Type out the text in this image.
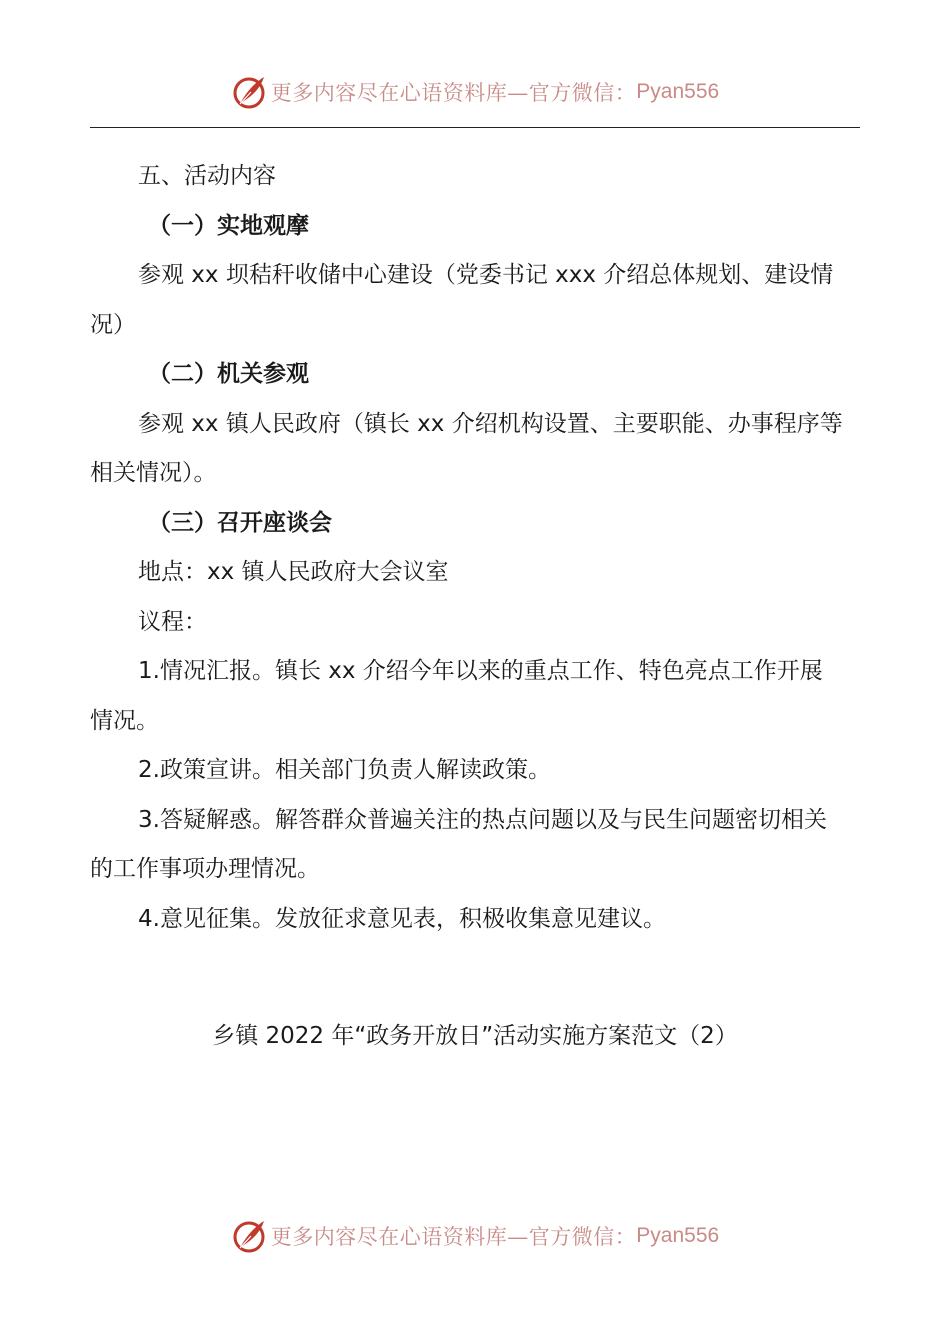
更多内容尽在心语资料库—官方微信： Pyan556
五、活动内容
（一）实地观摩
参观 xx 坝秸秆收储中心建设（党委书记 xxx 介绍总体规划、建设情
况）
（二）机关参观
参观 xx 镇人民政府（镇长 xx 介绍机构设置、主要职能、办事程序等
相关情况）。
（三）召开座谈会
地点：xx 镇人民政府大会议室
议程：
1.情况汇报。镇长 xx 介绍今年以来的重点工作、特色亮点工作开展
情况。
2.政策宣讲。相关部门负责人解读政策。
3.答疑解惑。解答群众普遍关注的热点问题以及与民生问题密切相关
的工作事项办理情况。
4.意见征集。发放征求意见表，积极收集意见建议。
乡镇 2022 年“政务开放日”活动实施方案范文（2）
更多内容尽在心语资料库—官方微信： Pyan556
